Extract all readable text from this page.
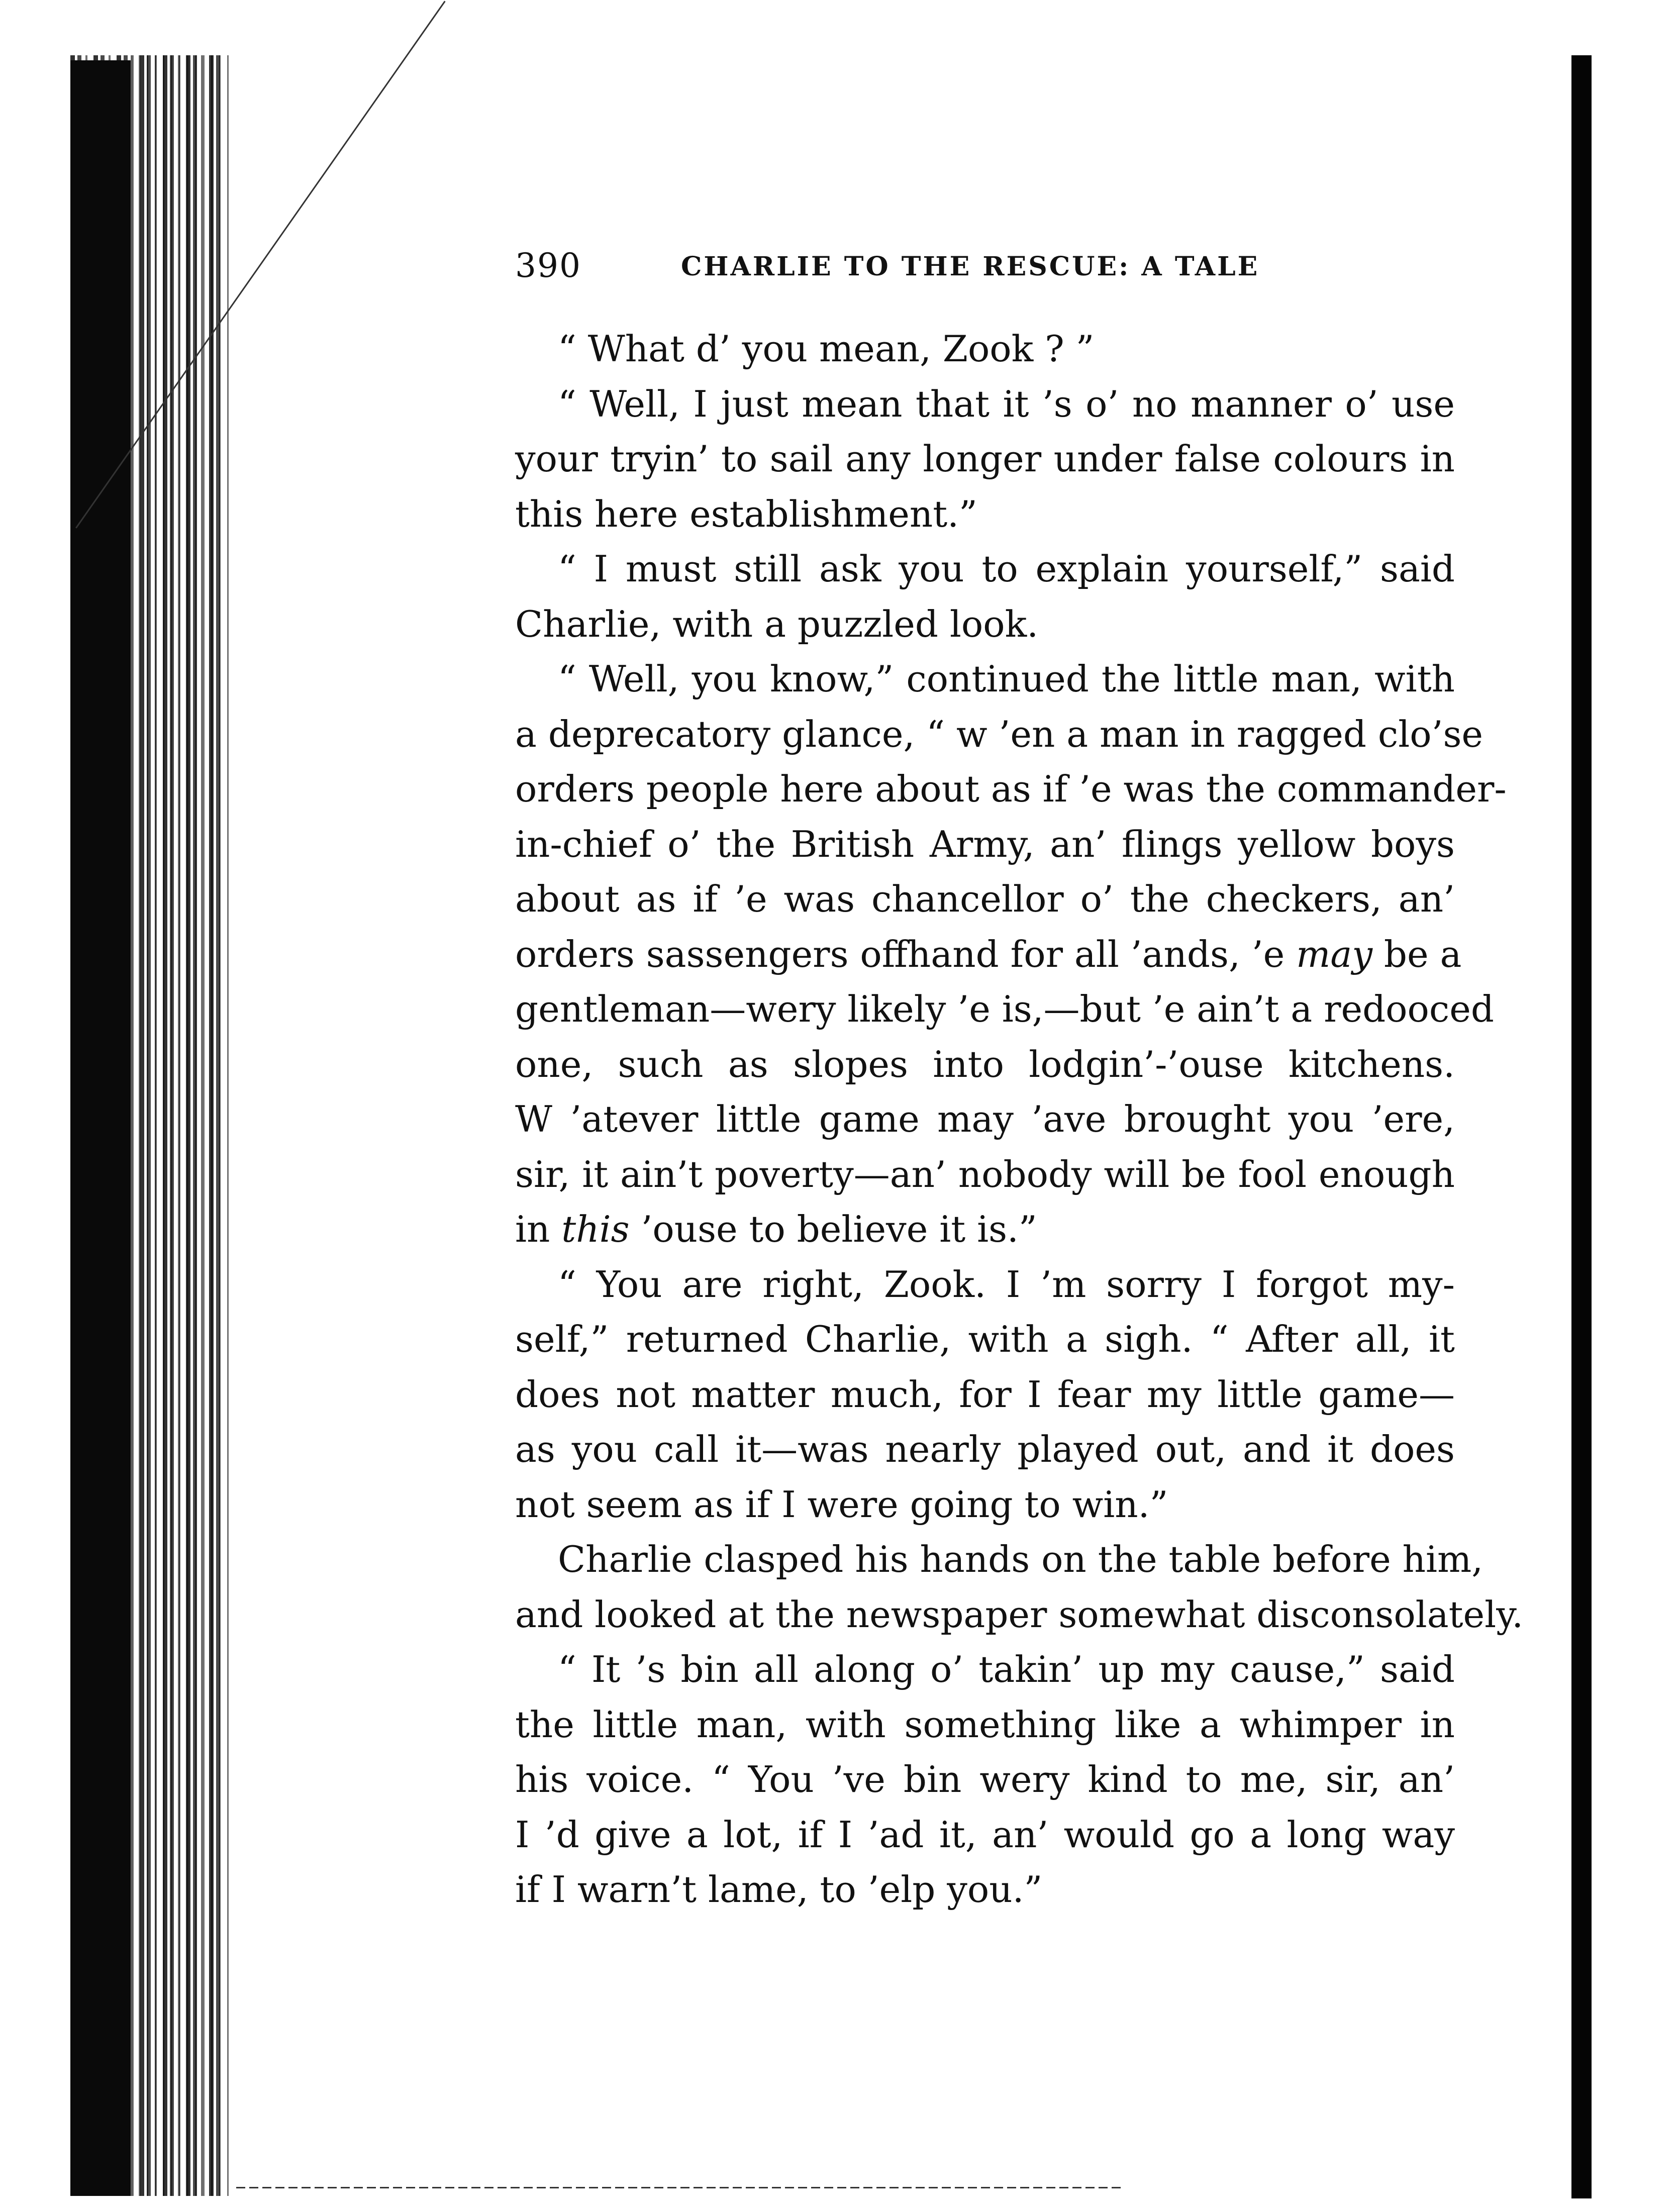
390	CHARLIE TO THE RESCUE: A TALE
“ What d’ you mean, Zook ? ”
“ Well, I just mean that it ’s o’ no manner o’ use
your tryin’ to sail any longer under false colours in
this here establishment.”
“ I must still ask you to explain yourself,” said
Charlie, with a puzzled look.
“ Well, you know,” continued the little man, with
a deprecatory glance, “ w ’en a man in ragged clo’se
orders people here about as if ’e was the commander-
in-chief o’ the British Army, an’ flings yellow boys
about as if ’e was chancellor o’ the checkers, an’
orders sassengers offhand for all ’ands, ’e may be a
gentleman—wery likely ’e is,—but ’e ain’t a redooced
one, such as slopes into lodgin’-’ouse kitchens.
W ’atever little game may ’ave brought you ’ere,
sir, it ain’t poverty—an’ nobody will be fool enough
in this ’ouse to believe it is.”
“ You are right, Zook. I ’m sorry I forgot my-
self,” returned Charlie, with a sigh. “ After all, it
does not matter much, for I fear my little game—
as you call it—was nearly played out, and it does
not seem as if I were going to win.”
Charlie clasped his hands on the table before him,
and looked at the newspaper somewhat disconsolately.
“ It ’s bin all along o’ takin’ up my cause,” said
the little man, with something like a whimper in
his voice. “ You ’ve bin wery kind to me, sir, an’
I ’d give a lot, if I ’ad it, an’ would go a long way
if I warn’t lame, to ’elp you.”
